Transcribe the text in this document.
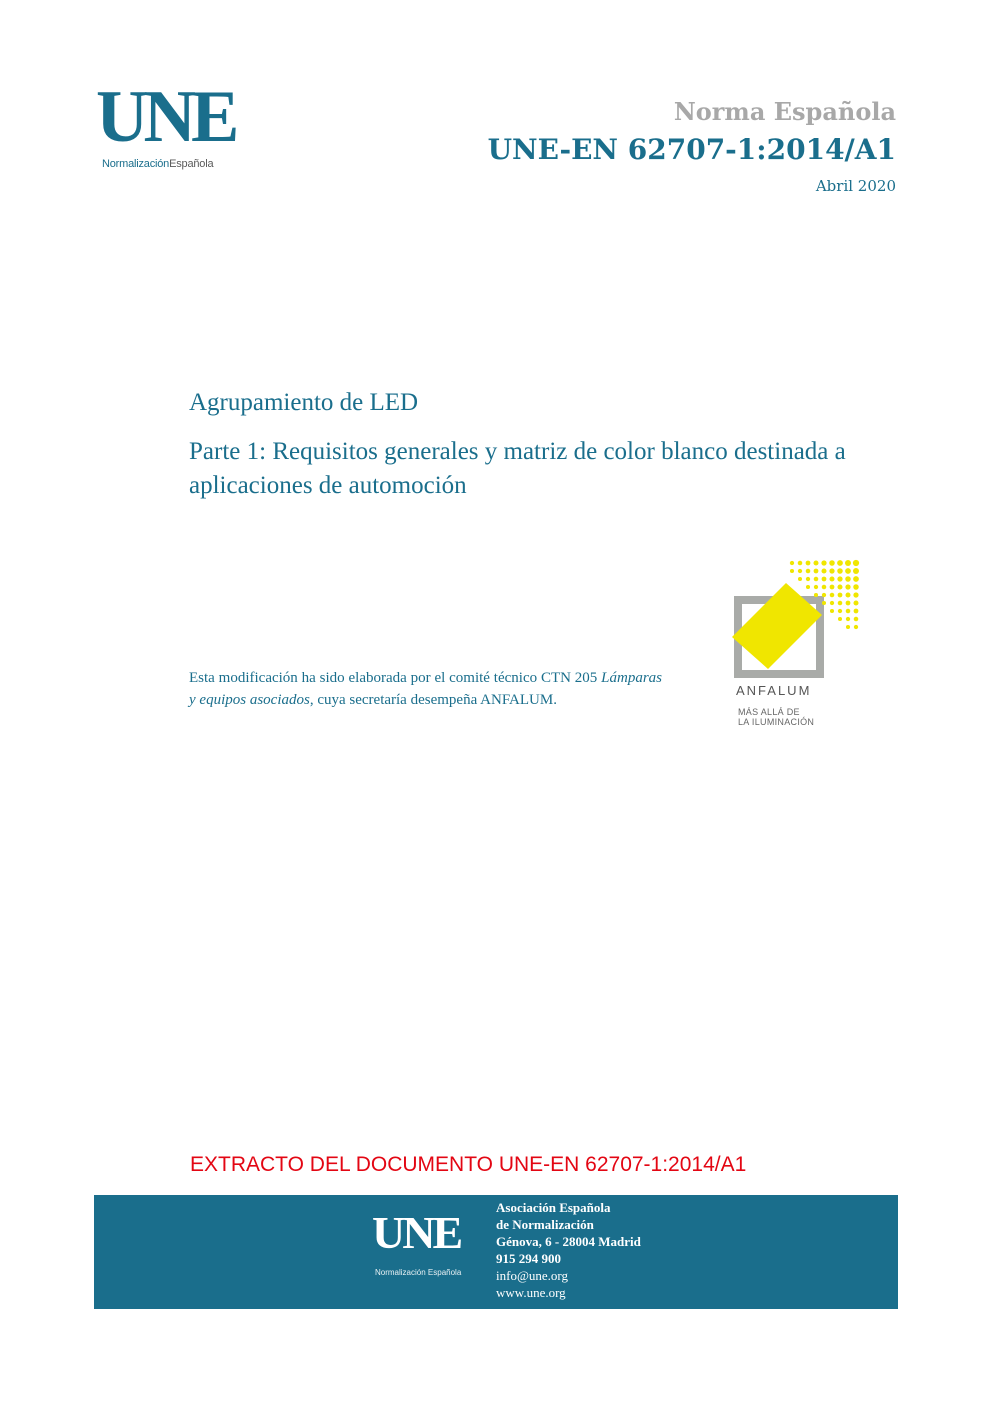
UNE
NormalizaciónEspañola
Norma Española
UNE-EN 62707-1:2014/A1
Abril 2020
Agrupamiento de LED
Parte 1: Requisitos generales y matriz de color blanco destinada a aplicaciones de automoción
Esta modificación ha sido elaborada por el comité técnico CTN 205 Lámparas y equipos asociados, cuya secretaría desempeña ANFALUM.
ANFALUM
MÁS ALLÁ DE
LA ILUMINACIÓN
EXTRACTO DEL DOCUMENTO UNE-EN 62707-1:2014/A1
UNE
Normalización Española
Asociación Española
de Normalización
Génova, 6 - 28004 Madrid
915 294 900
info@une.org
www.une.org
